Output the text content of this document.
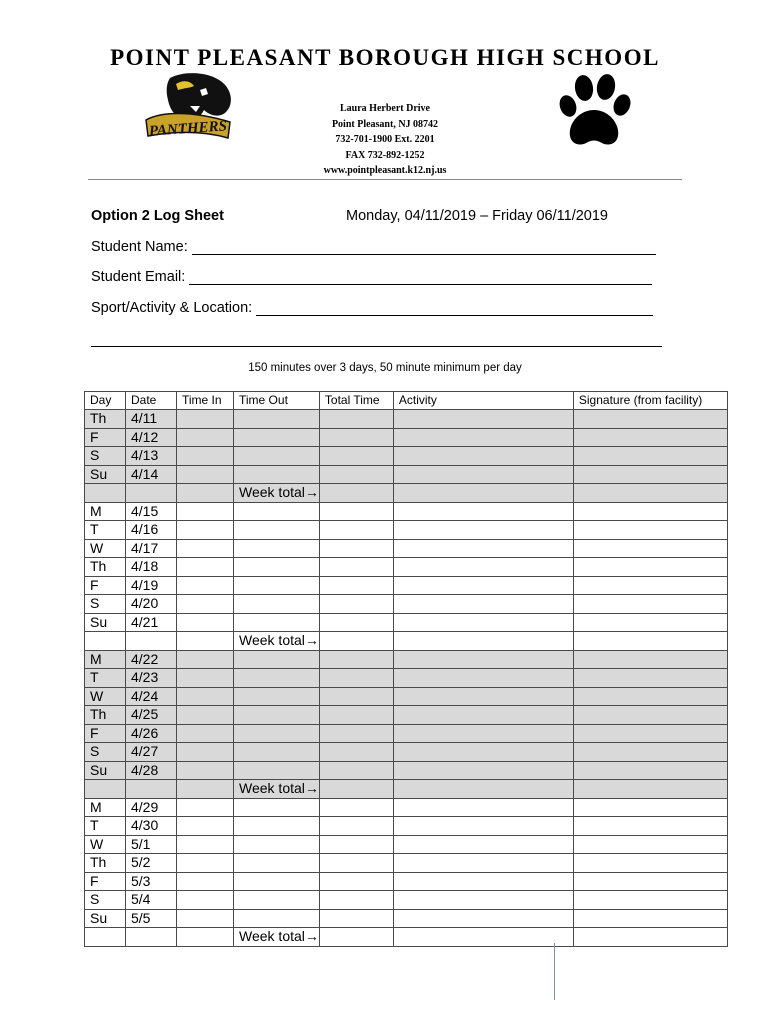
POINT PLEASANT BOROUGH HIGH SCHOOL
PANTHERS
Laura Herbert Drive
Point Pleasant, NJ 08742
732-701-1900 Ext. 2201
FAX 732-892-1252
www.pointpleasant.k12.nj.us
Option 2 Log Sheet	Monday, 04/11/2019 – Friday 06/11/2019
Student Name:
Student Email:
Sport/Activity & Location:
150 minutes over 3 days, 50 minute minimum per day
Day	Date	Time In	Time Out	Total Time	Activity	Signature (from facility)
Th	4/11					
F	4/12					
S	4/13					
Su	4/14					
			Week total→			
M	4/15					
T	4/16					
W	4/17					
Th	4/18					
F	4/19					
S	4/20					
Su	4/21					
			Week total→			
M	4/22					
T	4/23					
W	4/24					
Th	4/25					
F	4/26					
S	4/27					
Su	4/28					
			Week total→			
M	4/29					
T	4/30					
W	5/1					
Th	5/2					
F	5/3					
S	5/4					
Su	5/5					
			Week total→			
